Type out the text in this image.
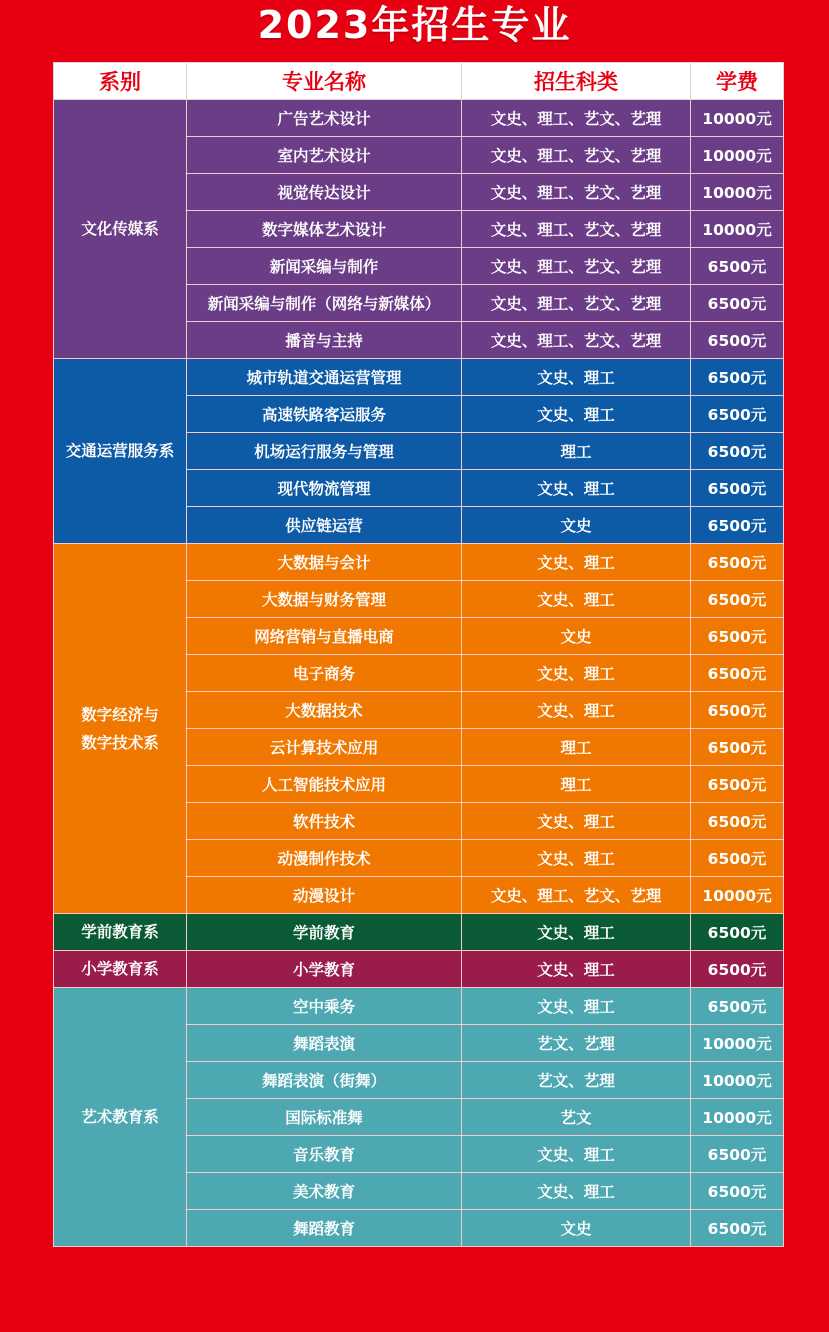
2023年招生专业
系别	专业名称	招生科类	学费
文化传媒系	广告艺术设计	文史、理工、艺文、艺理	10000元
	室内艺术设计	文史、理工、艺文、艺理	10000元
	视觉传达设计	文史、理工、艺文、艺理	10000元
	数字媒体艺术设计	文史、理工、艺文、艺理	10000元
	新闻采编与制作	文史、理工、艺文、艺理	6500元
	新闻采编与制作（网络与新媒体）	文史、理工、艺文、艺理	6500元
	播音与主持	文史、理工、艺文、艺理	6500元
交通运营服务系	城市轨道交通运营管理	文史、理工	6500元
	高速铁路客运服务	文史、理工	6500元
	机场运行服务与管理	理工	6500元
	现代物流管理	文史、理工	6500元
	供应链运营	文史	6500元
数字经济与
数字技术系	大数据与会计	文史、理工	6500元
	大数据与财务管理	文史、理工	6500元
	网络营销与直播电商	文史	6500元
	电子商务	文史、理工	6500元
	大数据技术	文史、理工	6500元
	云计算技术应用	理工	6500元
	人工智能技术应用	理工	6500元
	软件技术	文史、理工	6500元
	动漫制作技术	文史、理工	6500元
	动漫设计	文史、理工、艺文、艺理	10000元
学前教育系	学前教育	文史、理工	6500元
小学教育系	小学教育	文史、理工	6500元
艺术教育系	空中乘务	文史、理工	6500元
	舞蹈表演	艺文、艺理	10000元
	舞蹈表演（街舞）	艺文、艺理	10000元
	国际标准舞	艺文	10000元
	音乐教育	文史、理工	6500元
	美术教育	文史、理工	6500元
	舞蹈教育	文史	6500元
